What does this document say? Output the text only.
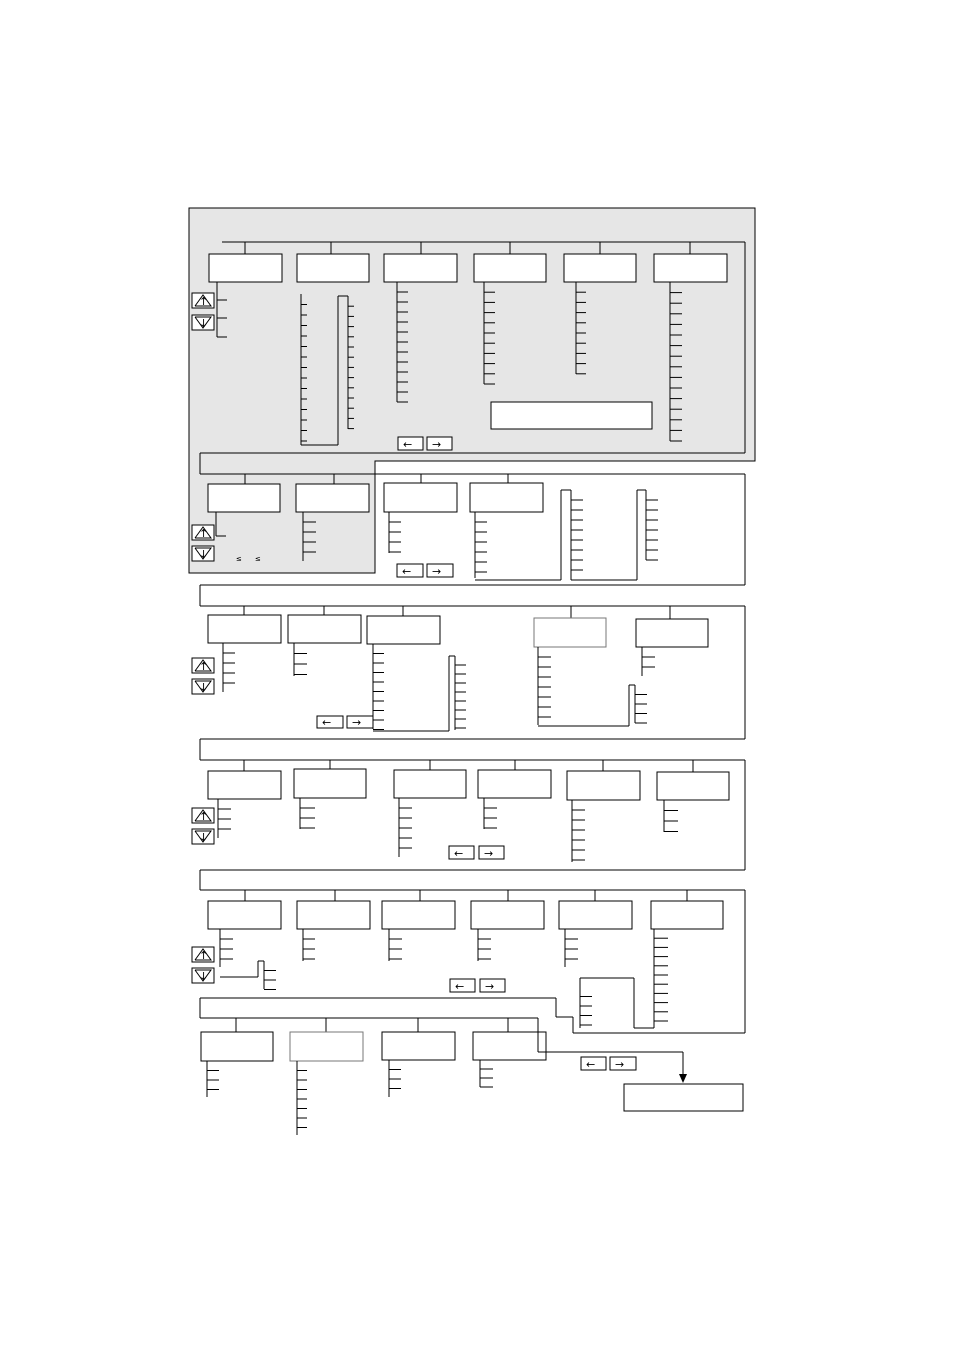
← →
↑
↓
≤ ≤
← →
↑
↓
← →
↑
↓
← →
↑
↓
← →
↑
↓
← →
